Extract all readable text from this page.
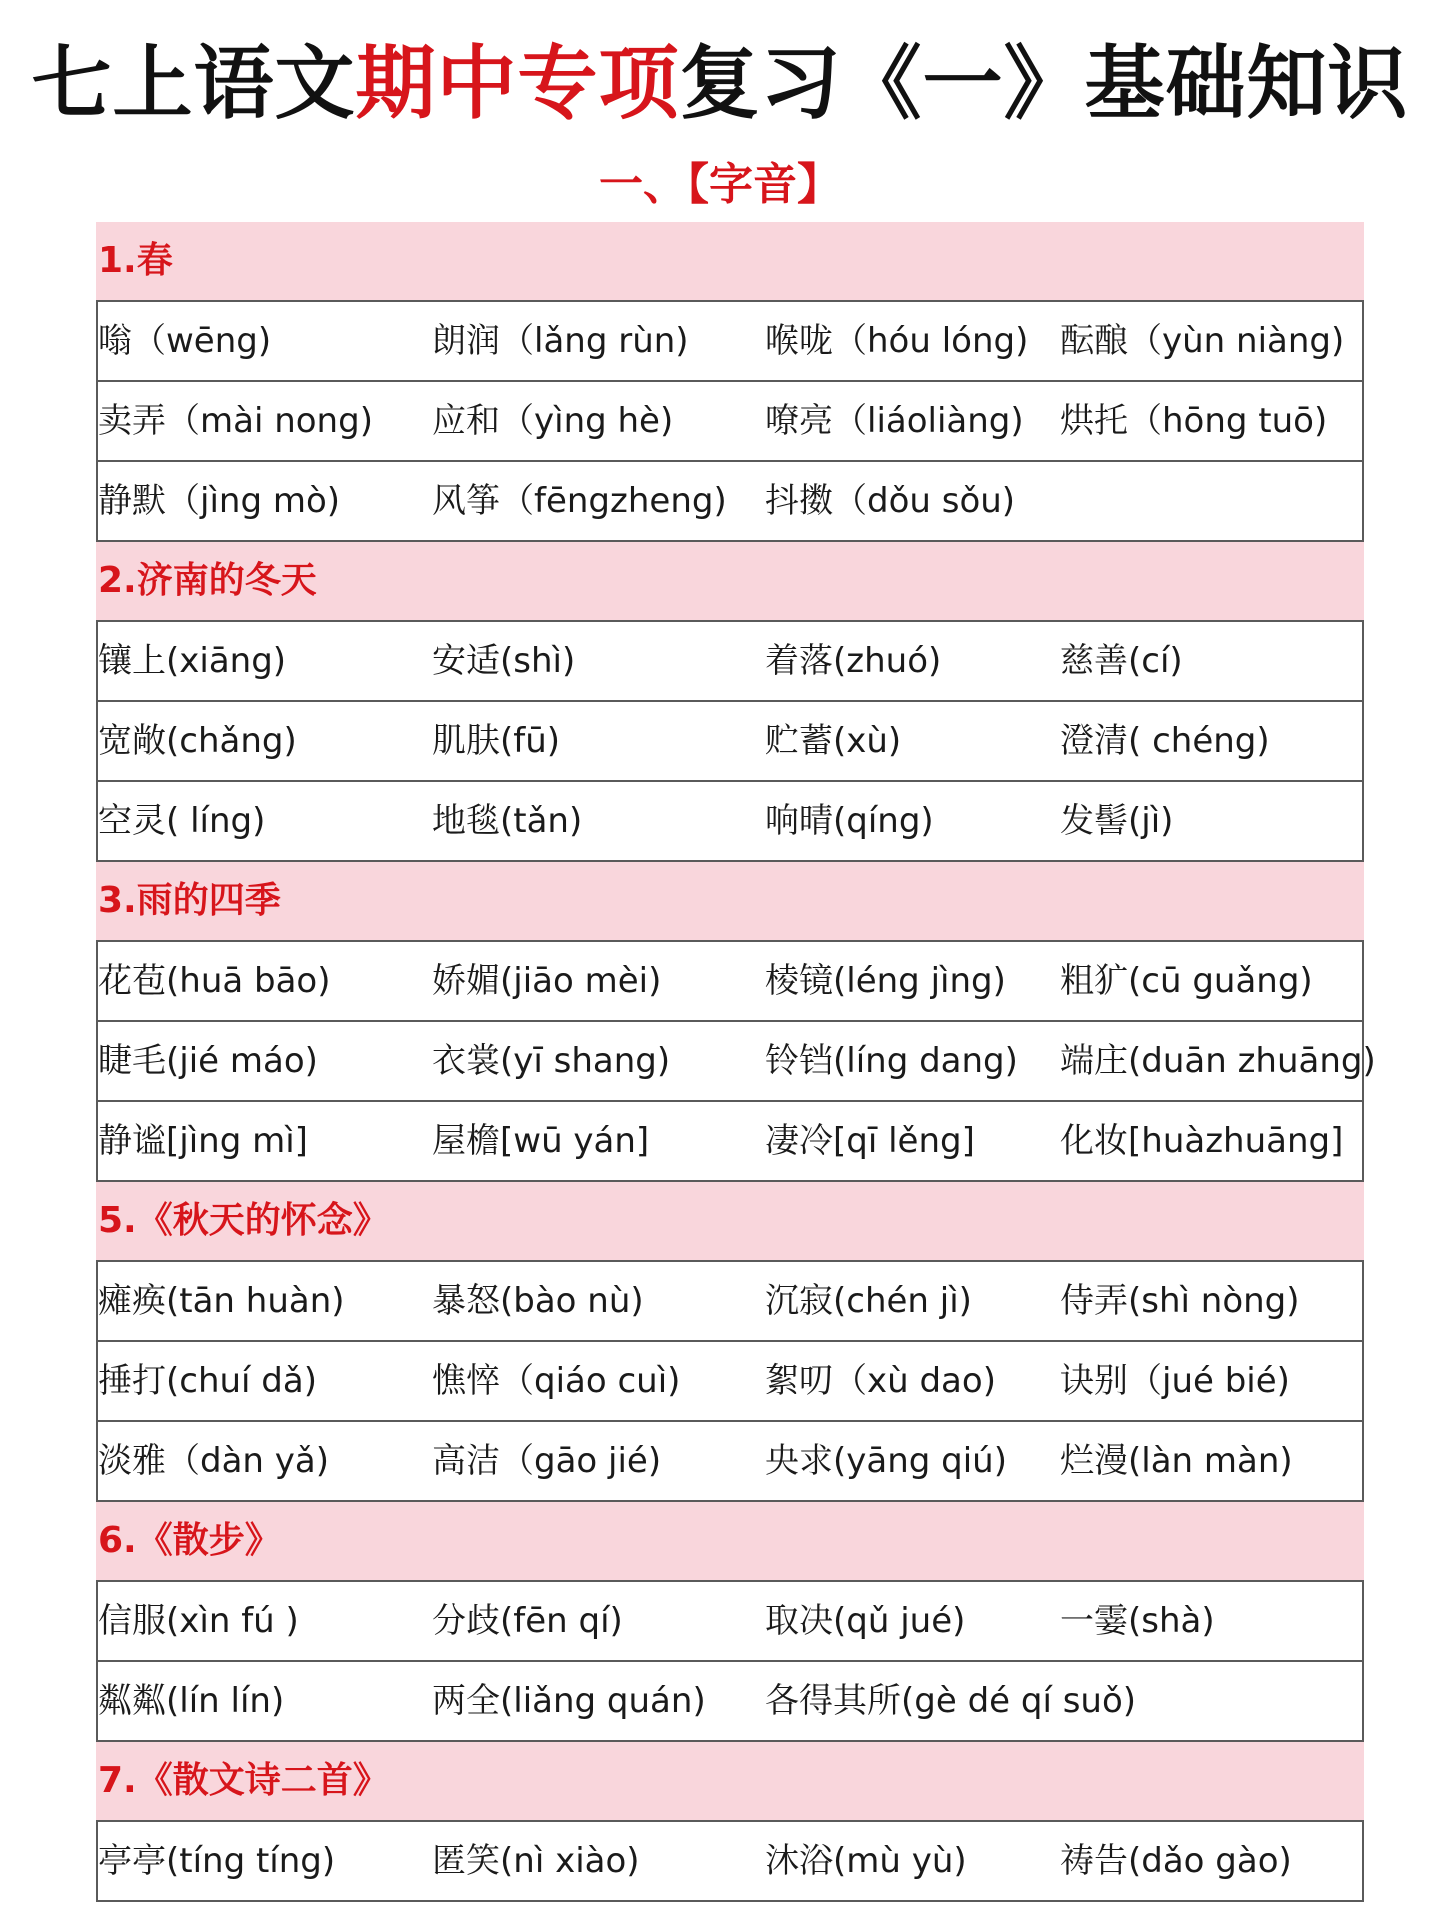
七上语文期中专项复习《一》基础知识
一、【字音】
1.春
嗡（wēng)	朗润（lǎng rùn) 喉咙（hóu lóng) 酝酿（yùn niàng)
卖弄（mài nong) 应和（yìng hè)	嘹亮（liáoliàng) 烘托（hōng tuō)
静默（jìng mò)	风筝（fēngzheng) 抖擞（dǒu sǒu)
2.济南的冬天
镶上(xiāng)	安适(shì)	着落(zhuó)	慈善(cí)
宽敞(chǎng)	肌肤(fū)	贮蓄(xù)	澄清( chéng)
空灵( líng)	地毯(tǎn)	响晴(qíng)	发髻(jì)
3.雨的四季
花苞(huā bāo)	娇媚(jiāo mèi)	棱镜(léng jìng) 粗犷(cū guǎng)
睫毛(jié máo)	衣裳(yī shang)	铃铛(líng dang) 端庄(duān zhuāng)
静谧[jìng mì]	屋檐[wū yán]	凄冷[qī lěng]	化妆[huàzhuāng]
5.《秋天的怀念》
瘫痪(tān huàn)	暴怒(bào nù)	沉寂(chén jì)	侍弄(shì nòng)
捶打(chuí dǎ)	憔悴（qiáo cuì) 絮叨（xù dao) 诀别（jué bié)
淡雅（dàn yǎ)	高洁（gāo jié)	央求(yāng qiú) 烂漫(làn màn)
6.《散步》
信服(xìn fú )	分歧(fēn qí)	取决(qǔ jué)	一霎(shà)
粼粼(lín lín)	两全(liǎng quán) 各得其所(gè dé qí suǒ)
7.《散文诗二首》
亭亭(tíng tíng)	匿笑(nì xiào)	沐浴(mù yù)	祷告(dǎo gào)
